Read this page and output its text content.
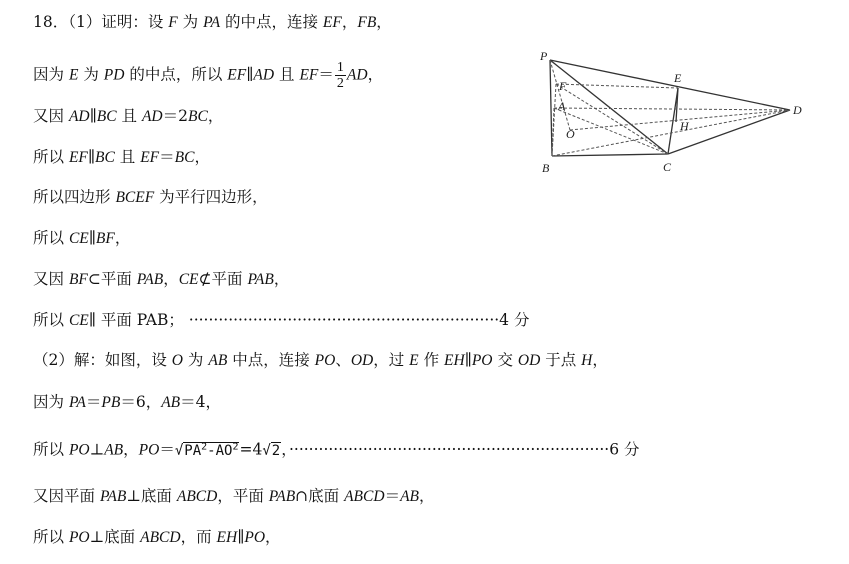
18．（1）证明：设 F 为 PA 的中点，连接 EF，FB，
因为 E 为 PD 的中点，所以 EF∥AD 且 $EF= \frac{1}{2}$ AD，
又因 AD∥BC 且 AD＝2BC，
所以 EF∥BC 且 EF＝BC，
所以四边形 BCEF 为平行四边形，
所以 CE∥BF，
又因 BF⊂平面 PAB，CE⊄平面 PAB，
所以 CE∥ 平面 PAB； ·······························································4 分
（2）解：如图，设 O 为 AB 中点，连接 PO、OD，过 E 作 EH∥PO 交 OD 于点 H，
因为 PA＝PB＝6，AB＝4，
所以 PO⊥AB，$PO=√PA^2-AO^2=4√2$，·································································6 分
又因平面 PAB⊥底面 ABCD，平面 PAB∩底面 ABCD＝AB，
所以 PO⊥底面 ABCD，而 EH∥PO，
P
F
A
O
B	C
E
H
D
